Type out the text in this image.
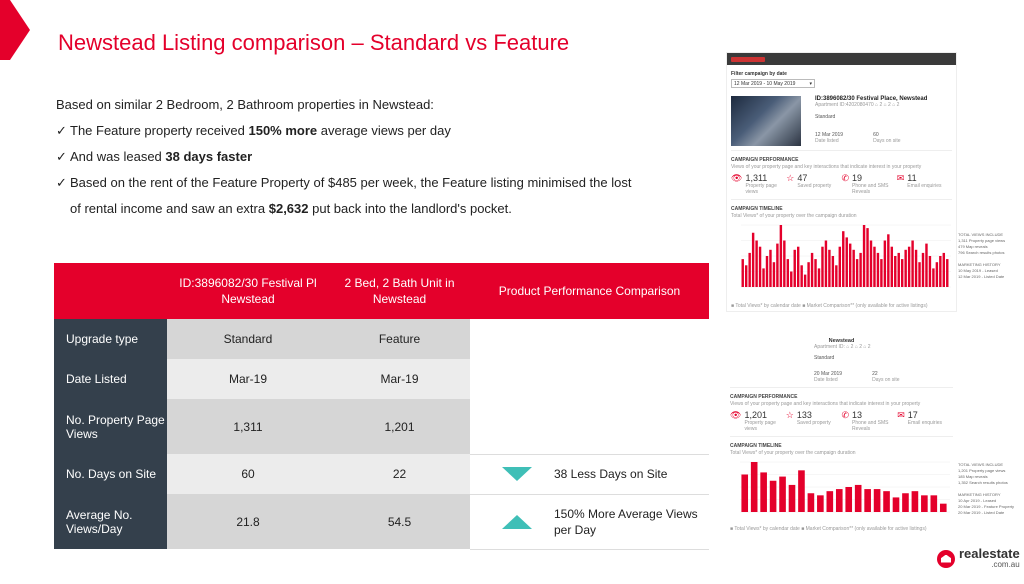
Newstead Listing comparison – Standard vs Feature

Based on similar 2 Bedroom, 2 Bathroom properties in Newstead:

✓ The Feature property received 150% more average views per day

✓ And was leased 38 days faster

✓ Based on the rent of the Feature Property of $485 per week, the Feature listing minimised the lost

of rental income and saw an extra $2,632 put back into the landlord's pocket.

	ID:3896082/30 Festival Pl Newstead	2 Bed, 2 Bath Unit in Newstead	Product Performance Comparison
Upgrade type	Standard	Feature	
Date Listed	Mar-19	Mar-19	
No. Property Page Views	1,311	1,201	
No. Days on Site	60	22	38 Less Days on Site

Average No. Views/Day	21.8	54.5	150% More Average Views per Day
Filter campaign by date
12 Mar 2019 - 10 May 2019	▾
ID:3896082/30 Festival Place, Newstead
Apartment ID:4202080470 ⌂ 2 ⌂ 2 ⌂ 2
Standard
12 Mar 2019
Date listed
60
Days on site
CAMPAIGN PERFORMANCE
Views of your property page and key interactions that indicate interest in your property
👁 1,311
Property page views
☆ 47
Saved property
✆ 19
Phone and SMS Reveals
✉ 11
Email enquiries
CAMPAIGN TIMELINE
Total Views* of your property over the campaign duration
■ Total Views* by calendar date ■ Market Comparison** (only available for active listings)
TOTAL VIEWS INCLUDE
1,311 Property page views
479 Map reveals
796 Search results photos

MARKETING HISTORY
10 May 2019 - Leased
12 Mar 2019 - Listed Date
Newstead
Apartment ID: ⌂ 2 ⌂ 2 ⌂ 2
Standard
20 Mar 2019
Date listed
22
Days on site
CAMPAIGN PERFORMANCE
Views of your property page and key interactions that indicate interest in your property
👁 1,201
Property page views
☆ 133
Saved property
✆ 13
Phone and SMS Reveals
✉ 17
Email enquiries
CAMPAIGN TIMELINE
Total Views* of your property over the campaign duration
■ Total Views* by calendar date ■ Market Comparison** (only available for active listings)
TOTAL VIEWS INCLUDE
1,201 Property page views
185 Map reveals
1,352 Search results photos

MARKETING HISTORY
10 Apr 2019 - Leased
20 Mar 2019 - Feature Property
20 Mar 2019 - Listed Date
realestate
.com.au
